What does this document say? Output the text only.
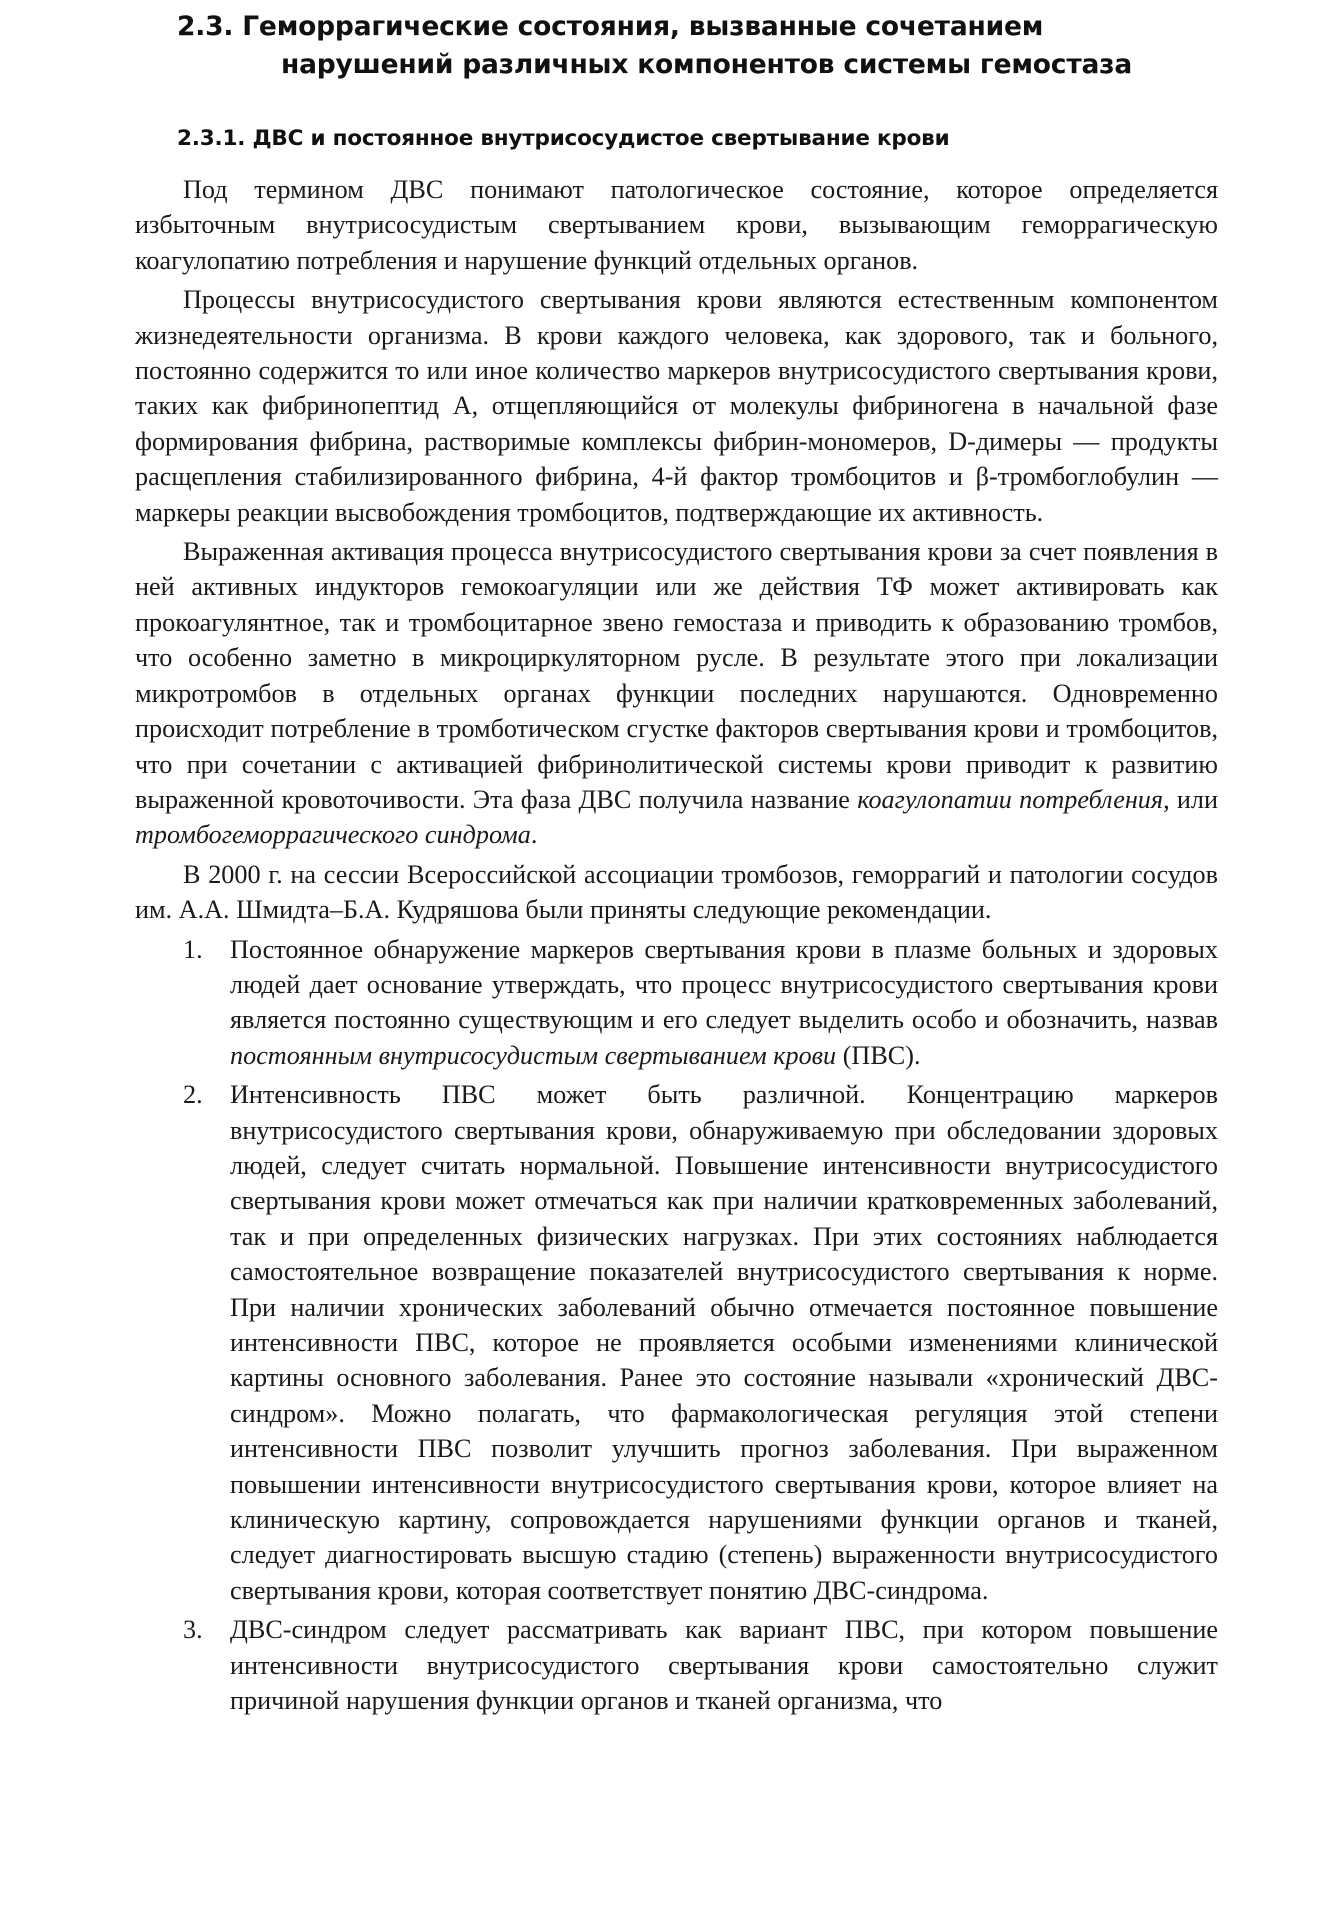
2.3. Геморрагические состояния, вызванные сочетанием
нарушений различных компонентов системы гемостаза
2.3.1. ДВС и постоянное внутрисосудистое свертывание крови

Под термином ДВС понимают патологическое состояние, которое определяется избыточным внутрисосудистым свертыванием крови, вызывающим геморрагическую коагулопатию потребления и нарушение функций отдельных органов.

Процессы внутрисосудистого свертывания крови являются естественным компонентом жизнедеятельности организма. В крови каждого человека, как здорового, так и больного, постоянно содержится то или иное количество маркеров внутрисосудистого свертывания крови, таких как фибринопептид А, отщепляющийся от молекулы фибриногена в начальной фазе формирования фибрина, растворимые комплексы фибрин-мономеров, D-димеры — продукты расщепления стабилизированного фибрина, 4-й фактор тромбоцитов и β-тромбоглобулин — маркеры реакции высвобождения тромбоцитов, подтверждающие их активность.

Выраженная активация процесса внутрисосудистого свертывания крови за счет появления в ней активных индукторов гемокоагуляции или же действия ТФ может активировать как прокоагулянтное, так и тромбоцитарное звено гемостаза и приводить к образованию тромбов, что особенно заметно в микроциркуляторном русле. В результате этого при локализации микротромбов в отдельных органах функции последних нарушаются. Одновременно происходит потребление в тромботическом сгустке факторов свертывания крови и тромбоцитов, что при сочетании с активацией фибринолитической системы крови приводит к развитию выраженной кровоточивости. Эта фаза ДВС получила название коагулопатии потребления, или тромбогеморрагического синдрома.

В 2000 г. на сессии Всероссийской ассоциации тромбозов, геморрагий и патологии сосудов им. А.А. Шмидта–Б.А. Кудряшова были приняты следующие рекомендации.

1.	Постоянное обнаружение маркеров свертывания крови в плазме больных и здоровых людей дает основание утверждать, что процесс внутрисосудистого свертывания крови является постоянно существующим и его следует выделить особо и обозначить, назвав постоянным внутрисосудистым свертыванием крови (ПВС).

2.	Интенсивность ПВС может быть различной. Концентрацию маркеров внутрисосудистого свертывания крови, обнаруживаемую при обследовании здоровых людей, следует считать нормальной. Повышение интенсивности внутрисосудистого свертывания крови может отмечаться как при наличии кратковременных заболеваний, так и при определенных физических нагрузках. При этих состояниях наблюдается самостоятельное возвращение показателей внутрисосудистого свертывания к норме. При наличии хронических заболеваний обычно отмечается постоянное повышение интенсивности ПВС, которое не проявляется особыми изменениями клинической картины основного заболевания. Ранее это состояние называли «хронический ДВС-синдром». Можно полагать, что фармакологическая регуляция этой степени интенсивности ПВС позволит улучшить прогноз заболевания. При выраженном повышении интенсивности внутрисосудистого свертывания крови, которое влияет на клиническую картину, сопровождается нарушениями функции органов и тканей, следует диагностировать высшую стадию (степень) выраженности внутрисосудистого свертывания крови, которая соответствует понятию ДВС-синдрома.

3.	ДВС-синдром следует рассматривать как вариант ПВС, при котором повышение интенсивности внутрисосудистого свертывания крови самостоятельно служит причиной нарушения функции органов и тканей организма, что
